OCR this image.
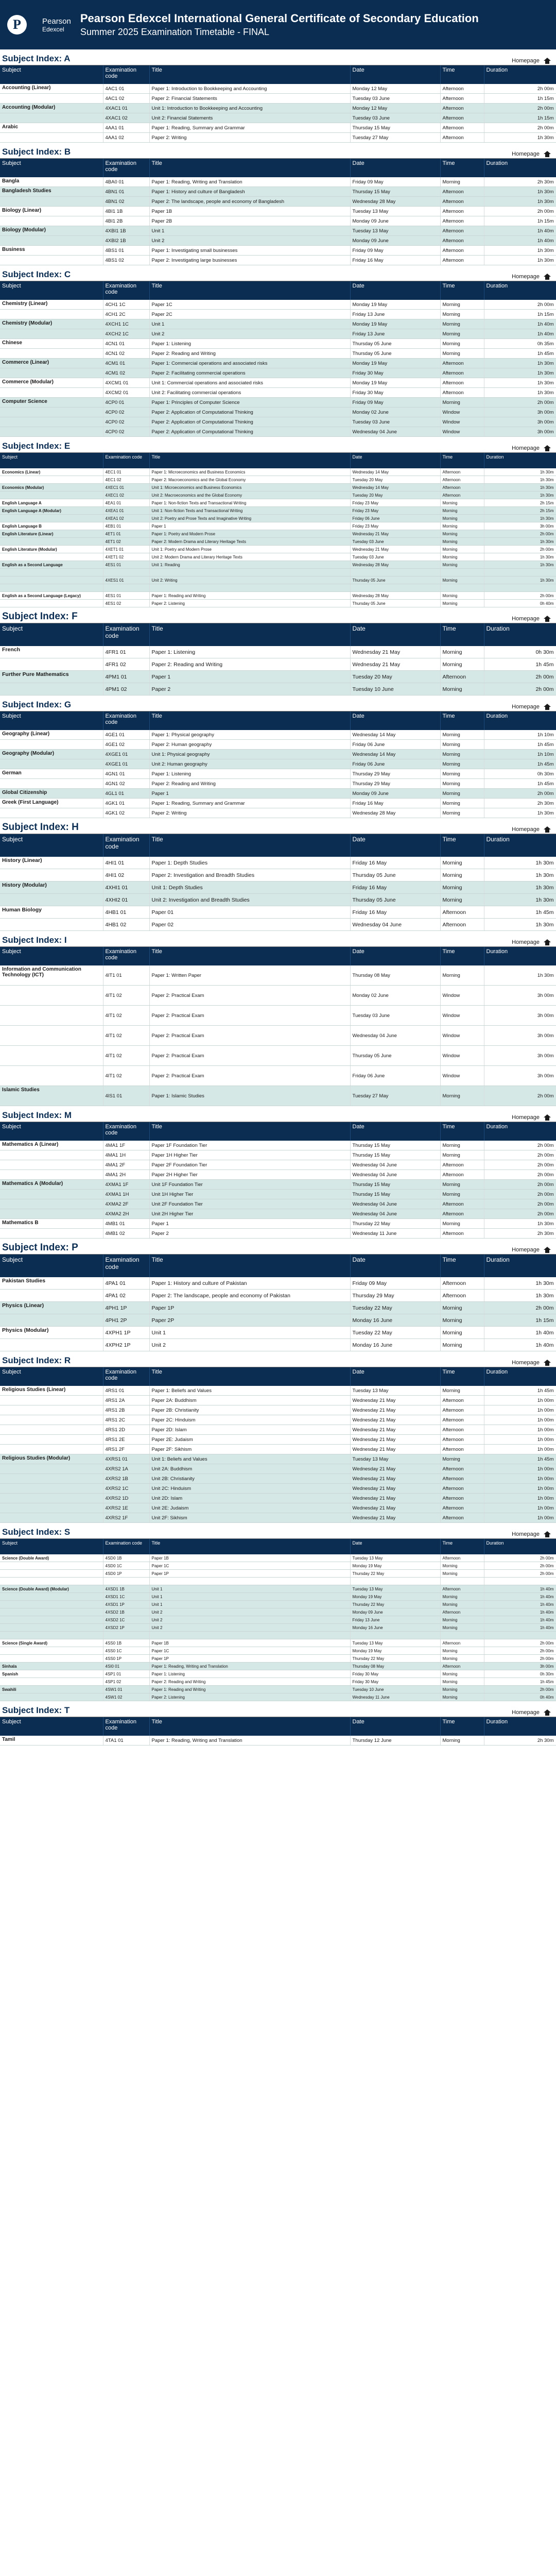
P	Pearson
Edexcel
Pearson Edexcel International General Certificate of Secondary Education
Summer 2025 Examination Timetable - FINAL
Subject Index: A	Homepage
Subject	Examination code	Title	Date	Time	Duration
Accounting (Linear)	4AC1 01	Paper 1: Introduction to Bookkeeping and Accounting	Monday 12 May	Afternoon	2h 00m
	4AC1 02	Paper 2: Financial Statements	Tuesday 03 June	Afternoon	1h 15m
Accounting (Modular)	4XAC1 01	Unit 1: Introduction to Bookkeeping and Accounting	Monday 12 May	Afternoon	2h 00m
	4XAC1 02	Unit 2: Financial Statements	Tuesday 03 June	Afternoon	1h 15m
Arabic	4AA1 01	Paper 1: Reading, Summary and Grammar	Thursday 15 May	Afternoon	2h 00m
	4AA1 02	Paper 2: Writing	Tuesday 27 May	Afternoon	1h 30m
Subject Index: B	Homepage
Subject	Examination code	Title	Date	Time	Duration
Bangla	4BA0 01	Paper 1: Reading, Writing and Translation	Friday 09 May	Morning	2h 30m
Bangladesh Studies	4BN1 01	Paper 1: History and culture of Bangladesh	Thursday 15 May	Afternoon	1h 30m
	4BN1 02	Paper 2: The landscape, people and economy of Bangladesh	Wednesday 28 May	Afternoon	1h 30m
Biology (Linear)	4BI1 1B	Paper 1B	Tuesday 13 May	Afternoon	2h 00m
	4BI1 2B	Paper 2B	Monday 09 June	Afternoon	1h 15m
Biology (Modular)	4XBI1 1B	Unit 1	Tuesday 13 May	Afternoon	1h 40m
	4XBI2 1B	Unit 2	Monday 09 June	Afternoon	1h 40m
Business	4BS1 01	Paper 1: Investigating small businesses	Friday 09 May	Afternoon	1h 30m
	4BS1 02	Paper 2: Investigating large businesses	Friday 16 May	Afternoon	1h 30m
Subject Index: C	Homepage
Subject	Examination code	Title	Date	Time	Duration
Chemistry (Linear)	4CH1 1C	Paper 1C	Monday 19 May	Morning	2h 00m
	4CH1 2C	Paper 2C	Friday 13 June	Morning	1h 15m
Chemistry (Modular)	4XCH1 1C	Unit 1	Monday 19 May	Morning	1h 40m
	4XCH2 1C	Unit 2	Friday 13 June	Morning	1h 40m
Chinese	4CN1 01	Paper 1: Listening	Thursday 05 June	Morning	0h 35m
	4CN1 02	Paper 2: Reading and Writing	Thursday 05 June	Morning	1h 45m
Commerce (Linear)	4CM1 01	Paper 1: Commercial operations and associated risks	Monday 19 May	Afternoon	1h 30m
	4CM1 02	Paper 2: Facilitating commercial operations	Friday 30 May	Afternoon	1h 30m
Commerce (Modular)	4XCM1 01	Unit 1: Commercial operations and associated risks	Monday 19 May	Afternoon	1h 30m
	4XCM2 01	Unit 2: Facilitating commercial operations	Friday 30 May	Afternoon	1h 30m
Computer Science	4CP0 01	Paper 1: Principles of Computer Science	Friday 09 May	Morning	2h 00m
	4CP0 02	Paper 2: Application of Computational Thinking	Monday 02 June	Window	3h 00m
	4CP0 02	Paper 2: Application of Computational Thinking	Tuesday 03 June	Window	3h 00m
	4CP0 02	Paper 2: Application of Computational Thinking	Wednesday 04 June	Window	3h 00m
Subject Index: E	Homepage
Subject	Examination code	Title	Date	Time	Duration
Economics (Linear)	4EC1 01	Paper 1: Microeconomics and Business Economics	Wednesday 14 May	Afternoon	1h 30m
	4EC1 02	Paper 2: Macroeconomics and the Global Economy	Tuesday 20 May	Afternoon	1h 30m
Economics (Modular)	4XEC1 01	Unit 1: Microeconomics and Business Economics	Wednesday 14 May	Afternoon	1h 30m
	4XEC1 02	Unit 2: Macroeconomics and the Global Economy	Tuesday 20 May	Afternoon	1h 30m
English Language A	4EA1 01	Paper 1: Non-fiction Texts and Transactional Writing	Friday 23 May	Morning	2h 15m
English Language A (Modular)	4XEA1 01	Unit 1: Non-fiction Texts and Transactional Writing	Friday 23 May	Morning	2h 15m
	4XEA1 02	Unit 2: Poetry and Prose Texts and Imaginative Writing	Friday 06 June	Morning	1h 30m
English Language B	4EB1 01	Paper 1	Friday 23 May	Morning	3h 00m
English Literature (Linear)	4ET1 01	Paper 1: Poetry and Modern Prose	Wednesday 21 May	Morning	2h 00m
	4ET1 02	Paper 2: Modern Drama and Literary Heritage Texts	Tuesday 03 June	Morning	1h 30m
English Literature (Modular)	4XET1 01	Unit 1: Poetry and Modern Prose	Wednesday 21 May	Morning	2h 00m
	4XET1 02	Unit 2: Modern Drama and Literary Heritage Texts	Tuesday 03 June	Morning	1h 30m
English as a Second Language	4ES1 01	Unit 1: Reading	Wednesday 28 May	Morning	1h 30m

	4XES1 01	Unit 2: Writing	Thursday 05 June	Morning	1h 30m

English as a Second Language (Legacy)	4ES1 01	Paper 1: Reading and Writing	Wednesday 28 May	Morning	2h 00m
	4ES1 02	Paper 2: Listening	Thursday 05 June	Morning	0h 40m
Subject Index: F	Homepage
Subject	Examination code	Title	Date	Time	Duration
French	4FR1 01	Paper 1: Listening	Wednesday 21 May	Morning	0h 30m
	4FR1 02	Paper 2: Reading and Writing	Wednesday 21 May	Morning	1h 45m
Further Pure Mathematics	4PM1 01	Paper 1	Tuesday 20 May	Afternoon	2h 00m
	4PM1 02	Paper 2	Tuesday 10 June	Morning	2h 00m
Subject Index: G	Homepage
Subject	Examination code	Title	Date	Time	Duration
Geography (Linear)	4GE1 01	Paper 1: Physical geography	Wednesday 14 May	Morning	1h 10m
	4GE1 02	Paper 2: Human geography	Friday 06 June	Morning	1h 45m
Geography (Modular)	4XGE1 01	Unit 1: Physical geography	Wednesday 14 May	Morning	1h 10m
	4XGE1 01	Unit 2: Human geography	Friday 06 June	Morning	1h 45m
German	4GN1 01	Paper 1: Listening	Thursday 29 May	Morning	0h 30m
	4GN1 02	Paper 2: Reading and Writing	Thursday 29 May	Morning	1h 45m
Global Citizenship	4GL1 01	Paper 1	Monday 09 June	Morning	2h 00m
Greek (First Language)	4GK1 01	Paper 1: Reading, Summary and Grammar	Friday 16 May	Morning	2h 30m
	4GK1 02	Paper 2: Writing	Wednesday 28 May	Morning	1h 30m
Subject Index: H	Homepage
Subject	Examination code	Title	Date	Time	Duration
History (Linear)	4HI1 01	Paper 1: Depth Studies	Friday 16 May	Morning	1h 30m
	4HI1 02	Paper 2: Investigation and Breadth Studies	Thursday 05 June	Morning	1h 30m
History (Modular)	4XHI1 01	Unit 1: Depth Studies	Friday 16 May	Morning	1h 30m
	4XHI2 01	Unit 2: Investigation and Breadth Studies	Thursday 05 June	Morning	1h 30m
Human Biology	4HB1 01	Paper 01	Friday 16 May	Afternoon	1h 45m
	4HB1 02	Paper 02	Wednesday 04 June	Afternoon	1h 30m
Subject Index: I	Homepage
Subject	Examination code	Title	Date	Time	Duration
Information and Communication Technology (ICT)	4IT1 01	Paper 1: Written Paper	Thursday 08 May	Morning	1h 30m
	4IT1 02	Paper 2: Practical Exam	Monday 02 June	Window	3h 00m
	4IT1 02	Paper 2: Practical Exam	Tuesday 03 June	Window	3h 00m
	4IT1 02	Paper 2: Practical Exam	Wednesday 04 June	Window	3h 00m
	4IT1 02	Paper 2: Practical Exam	Thursday 05 June	Window	3h 00m
	4IT1 02	Paper 2: Practical Exam	Friday 06 June	Window	3h 00m
Islamic Studies	4IS1 01	Paper 1: Islamic Studies	Tuesday 27 May	Morning	2h 00m
Subject Index: M	Homepage
Subject	Examination code	Title	Date	Time	Duration
Mathematics A (Linear)	4MA1 1F	Paper 1F Foundation Tier	Thursday 15 May	Morning	2h 00m
	4MA1 1H	Paper 1H Higher Tier	Thursday 15 May	Morning	2h 00m
	4MA1 2F	Paper 2F Foundation Tier	Wednesday 04 June	Afternoon	2h 00m
	4MA1 2H	Paper 2H Higher Tier	Wednesday 04 June	Afternoon	2h 00m
Mathematics A (Modular)	4XMA1 1F	Unit 1F Foundation Tier	Thursday 15 May	Morning	2h 00m
	4XMA1 1H	Unit 1H Higher Tier	Thursday 15 May	Morning	2h 00m
	4XMA2 2F	Unit 2F Foundation Tier	Wednesday 04 June	Afternoon	2h 00m
	4XMA2 2H	Unit 2H Higher Tier	Wednesday 04 June	Afternoon	2h 00m
Mathematics B	4MB1 01	Paper 1	Thursday 22 May	Morning	1h 30m
	4MB1 02	Paper 2	Wednesday 11 June	Afternoon	2h 30m
Subject Index: P	Homepage
Subject	Examination code	Title	Date	Time	Duration
Pakistan Studies	4PA1 01	Paper 1: History and culture of Pakistan	Friday 09 May	Afternoon	1h 30m
	4PA1 02	Paper 2: The landscape, people and economy of Pakistan	Thursday 29 May	Afternoon	1h 30m
Physics (Linear)	4PH1 1P	Paper 1P	Tuesday 22 May	Morning	2h 00m
	4PH1 2P	Paper 2P	Monday 16 June	Morning	1h 15m
Physics (Modular)	4XPH1 1P	Unit 1	Tuesday 22 May	Morning	1h 40m
	4XPH2 1P	Unit 2	Monday 16 June	Morning	1h 40m
Subject Index: R	Homepage
Subject	Examination code	Title	Date	Time	Duration
Religious Studies (Linear)	4RS1 01	Paper 1: Beliefs and Values	Tuesday 13 May	Morning	1h 45m
	4RS1 2A	Paper 2A: Buddhism	Wednesday 21 May	Afternoon	1h 00m
	4RS1 2B	Paper 2B: Christianity	Wednesday 21 May	Afternoon	1h 00m
	4RS1 2C	Paper 2C: Hinduism	Wednesday 21 May	Afternoon	1h 00m
	4RS1 2D	Paper 2D: Islam	Wednesday 21 May	Afternoon	1h 00m
	4RS1 2E	Paper 2E: Judaism	Wednesday 21 May	Afternoon	1h 00m
	4RS1 2F	Paper 2F: Sikhism	Wednesday 21 May	Afternoon	1h 00m
Religious Studies (Modular)	4XRS1 01	Unit 1: Beliefs and Values	Tuesday 13 May	Morning	1h 45m
	4XRS2 1A	Unit 2A: Buddhism	Wednesday 21 May	Afternoon	1h 00m
	4XRS2 1B	Unit 2B: Christianity	Wednesday 21 May	Afternoon	1h 00m
	4XRS2 1C	Unit 2C: Hinduism	Wednesday 21 May	Afternoon	1h 00m
	4XRS2 1D	Unit 2D: Islam	Wednesday 21 May	Afternoon	1h 00m
	4XRS2 1E	Unit 2E: Judaism	Wednesday 21 May	Afternoon	1h 00m
	4XRS2 1F	Unit 2F: Sikhism	Wednesday 21 May	Afternoon	1h 00m
Subject Index: S	Homepage
Subject	Examination code	Title	Date	Time	Duration
Science (Double Award)	4SD0 1B	Paper 1B	Tuesday 13 May	Afternoon	2h 00m
	4SD0 1C	Paper 1C	Monday 19 May	Morning	2h 00m
	4SD0 1P	Paper 1P	Thursday 22 May	Morning	2h 00m

Science (Double Award) (Modular)	4XSD1 1B	Unit 1	Tuesday 13 May	Afternoon	1h 40m
	4XSD1 1C	Unit 1	Monday 19 May	Morning	1h 40m
	4XSD1 1P	Unit 1	Thursday 22 May	Morning	1h 40m
	4XSD2 1B	Unit 2	Monday 09 June	Afternoon	1h 40m
	4XSD2 1C	Unit 2	Friday 13 June	Morning	1h 40m
	4XSD2 1P	Unit 2	Monday 16 June	Morning	1h 40m

Science (Single Award)	4SS0 1B	Paper 1B	Tuesday 13 May	Afternoon	2h 00m
	4SS0 1C	Paper 1C	Monday 19 May	Morning	2h 00m
	4SS0 1P	Paper 1P	Thursday 22 May	Morning	2h 00m
Sinhala	4SI0 01	Paper 1: Reading, Writing and Translation	Thursday 08 May	Afternoon	3h 00m
Spanish	4SP1 01	Paper 1: Listening	Friday 30 May	Morning	0h 30m
	4SP1 02	Paper 2: Reading and Writing	Friday 30 May	Morning	1h 45m
Swahili	4SW1 01	Paper 1: Reading and Writing	Tuesday 10 June	Morning	2h 00m
	4SW1 02	Paper 2: Listening	Wednesday 11 June	Morning	0h 40m
Subject Index: T	Homepage
Subject	Examination code	Title	Date	Time	Duration
Tamil	4TA1 01	Paper 1: Reading, Writing and Translation	Thursday 12 June	Morning	2h 30m
